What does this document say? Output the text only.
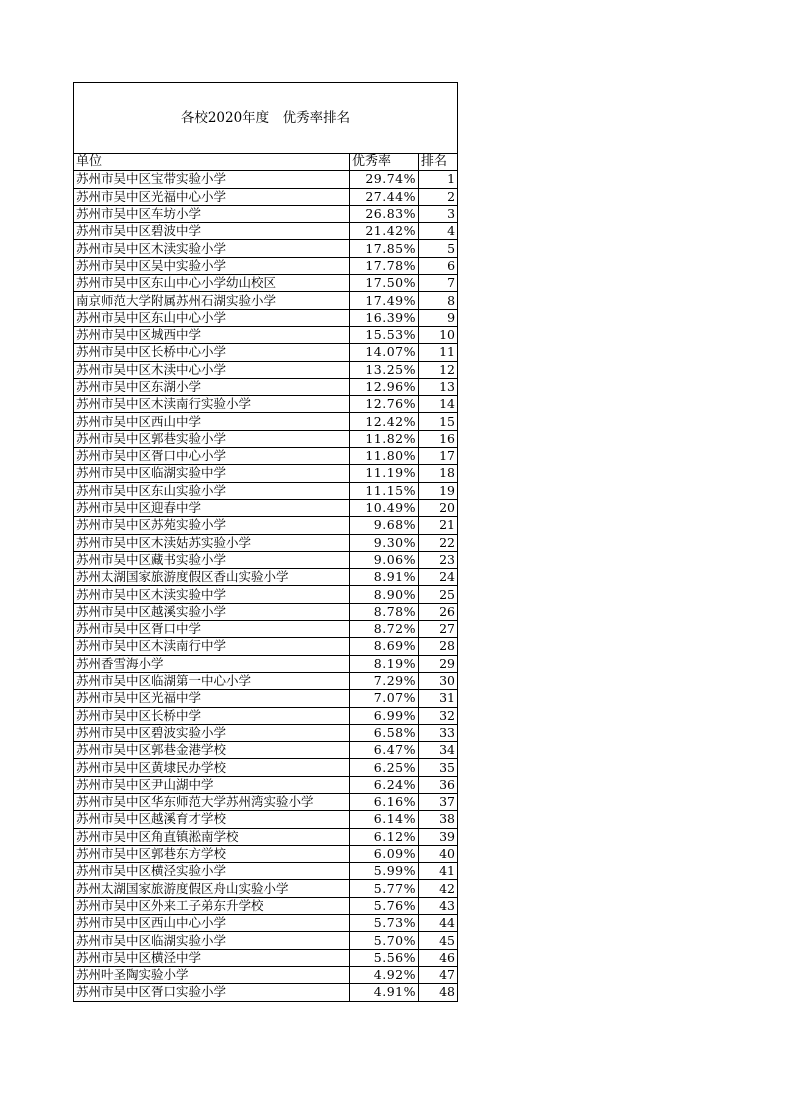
各校2020年度　优秀率排名		
单位	优秀率	排名
苏州市吴中区宝带实验小学	29.74%	1
苏州市吴中区光福中心小学	27.44%	2
苏州市吴中区车坊小学	26.83%	3
苏州市吴中区碧波中学	21.42%	4
苏州市吴中区木渎实验小学	17.85%	5
苏州市吴中区吴中实验小学	17.78%	6
苏州市吴中区东山中心小学幼山校区	17.50%	7
南京师范大学附属苏州石湖实验小学	17.49%	8
苏州市吴中区东山中心小学	16.39%	9
苏州市吴中区城西中学	15.53%	10
苏州市吴中区长桥中心小学	14.07%	11
苏州市吴中区木渎中心小学	13.25%	12
苏州市吴中区东湖小学	12.96%	13
苏州市吴中区木渎南行实验小学	12.76%	14
苏州市吴中区西山中学	12.42%	15
苏州市吴中区郭巷实验小学	11.82%	16
苏州市吴中区胥口中心小学	11.80%	17
苏州市吴中区临湖实验中学	11.19%	18
苏州市吴中区东山实验小学	11.15%	19
苏州市吴中区迎春中学	10.49%	20
苏州市吴中区苏苑实验小学	9.68%	21
苏州市吴中区木渎姑苏实验小学	9.30%	22
苏州市吴中区藏书实验小学	9.06%	23
苏州太湖国家旅游度假区香山实验小学	8.91%	24
苏州市吴中区木渎实验中学	8.90%	25
苏州市吴中区越溪实验小学	8.78%	26
苏州市吴中区胥口中学	8.72%	27
苏州市吴中区木渎南行中学	8.69%	28
苏州香雪海小学	8.19%	29
苏州市吴中区临湖第一中心小学	7.29%	30
苏州市吴中区光福中学	7.07%	31
苏州市吴中区长桥中学	6.99%	32
苏州市吴中区碧波实验小学	6.58%	33
苏州市吴中区郭巷金港学校	6.47%	34
苏州市吴中区黄埭民办学校	6.25%	35
苏州市吴中区尹山湖中学	6.24%	36
苏州市吴中区华东师范大学苏州湾实验小学	6.16%	37
苏州市吴中区越溪育才学校	6.14%	38
苏州市吴中区角直镇淞南学校	6.12%	39
苏州市吴中区郭巷东方学校	6.09%	40
苏州市吴中区横泾实验小学	5.99%	41
苏州太湖国家旅游度假区舟山实验小学	5.77%	42
苏州市吴中区外来工子弟东升学校	5.76%	43
苏州市吴中区西山中心小学	5.73%	44
苏州市吴中区临湖实验小学	5.70%	45
苏州市吴中区横泾中学	5.56%	46
苏州叶圣陶实验小学	4.92%	47
苏州市吴中区胥口实验小学	4.91%	48
